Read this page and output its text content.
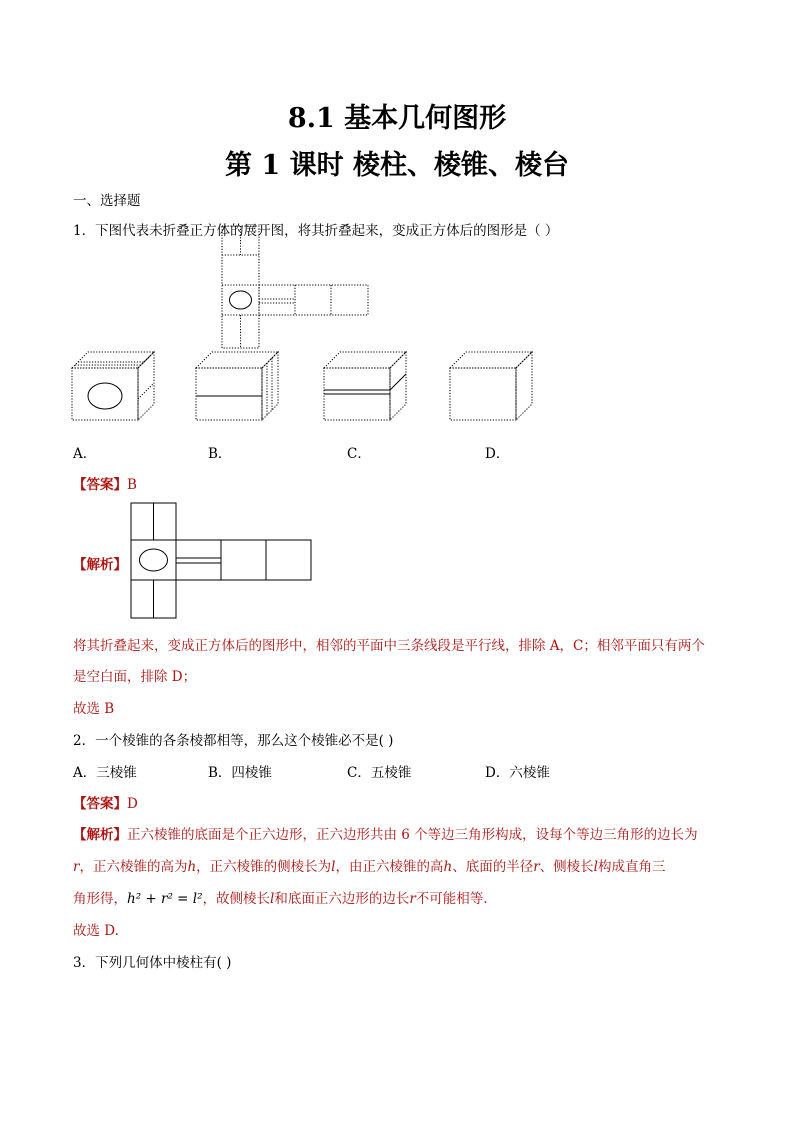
8.1 基本几何图形
第 1 课时 棱柱、棱锥、棱台
一、选择题
1．下图代表未折叠正方体的展开图，将其折叠起来，变成正方体后的图形是（ ）
A．	B．	C．	D．
【答案】B
【解析】
将其折叠起来，变成正方体后的图形中，相邻的平面中三条线段是平行线，排除 A，C；相邻平面只有两个
是空白面，排除 D；
故选 B
2．一个棱锥的各条棱都相等，那么这个棱锥必不是( )
A．三棱锥	B．四棱锥	C．五棱锥	D．六棱锥
【答案】D
【解析】正六棱锥的底面是个正六边形，正六边形共由 6 个等边三角形构成，设每个等边三角形的边长为
r，正六棱锥的高为h，正六棱锥的侧棱长为l，由正六棱锥的高h、底面的半径r、侧棱长l构成直角三
角形得，h² + r² = l²，故侧棱长l和底面正六边形的边长r不可能相等.
故选 D.
3．下列几何体中棱柱有( )
